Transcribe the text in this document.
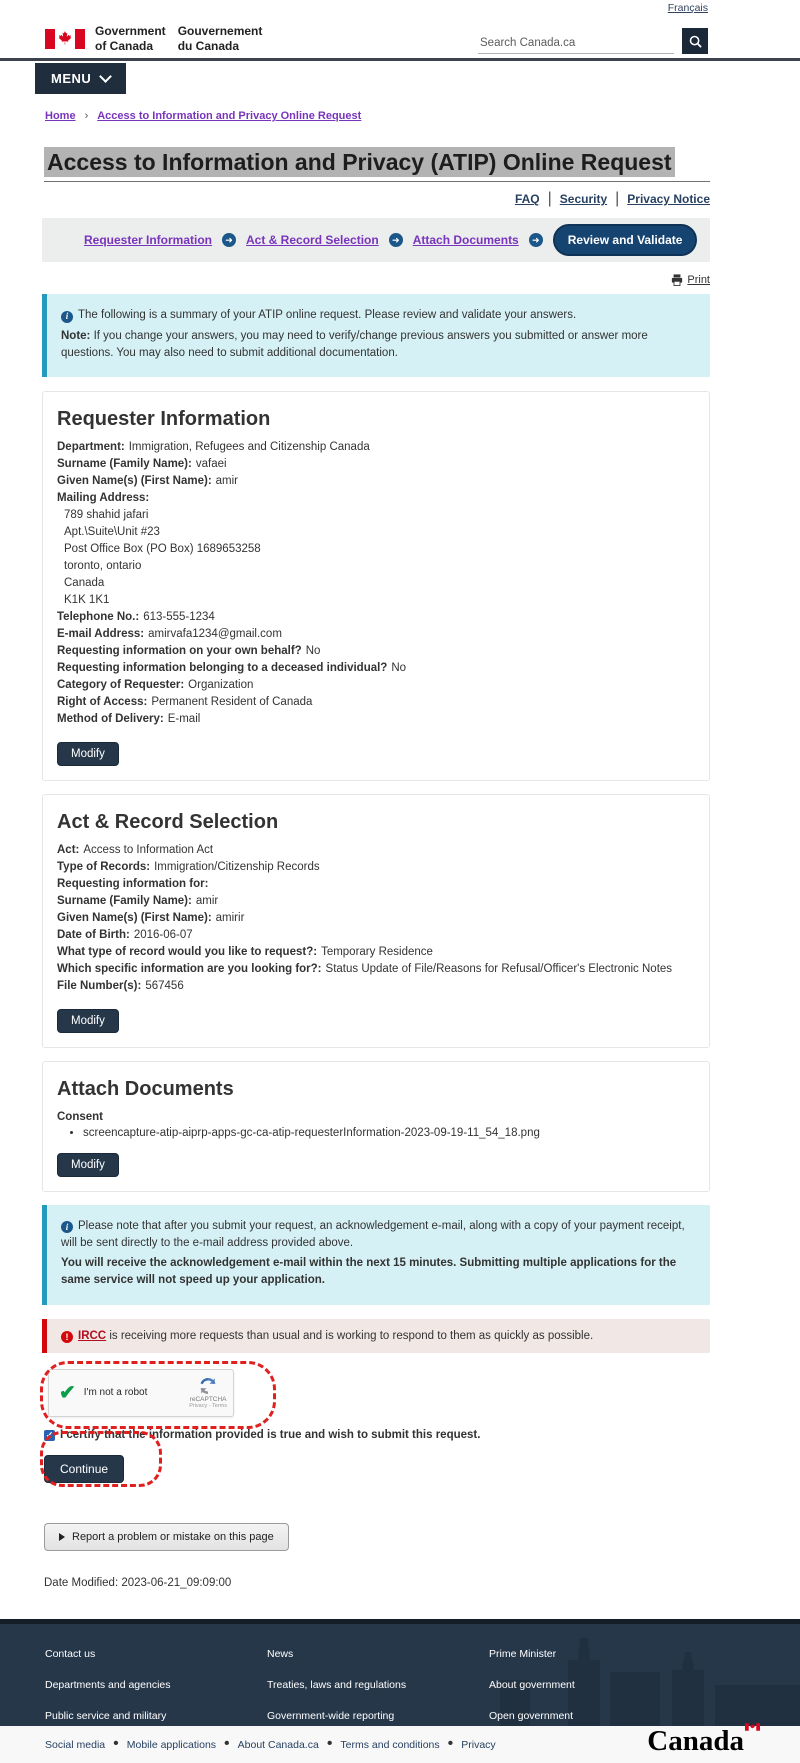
Français
Government
of Canada
Gouvernement
du Canada
Search Canada.ca
MENU
Home	› Access to Information and Privacy Online Request
Access to Information and Privacy (ATIP) Online Request
FAQ	| Security	| Privacy Notice
Requester Information	➜ Act & Record Selection	➜ Attach Documents	➜	Review and Validate
Print

i The following is a summary of your ATIP online request. Please review and validate your answers.

Note: If you change your answers, you may need to verify/change previous answers you submitted or answer more questions. You may also need to submit additional documentation.

Requester Information
Department: Immigration, Refugees and Citizenship Canada
Surname (Family Name): vafaei
Given Name(s) (First Name): amir
Mailing Address:
789 shahid jafari
Apt.\Suite\Unit #23
Post Office Box (PO Box) 1689653258
toronto, ontario
Canada
K1K 1K1
Telephone No.: 613-555-1234
E-mail Address: amirvafa1234@gmail.com
Requesting information on your own behalf? No
Requesting information belonging to a deceased individual? No
Category of Requester: Organization
Right of Access: Permanent Resident of Canada
Method of Delivery: E-mail
Modify
Act & Record Selection
Act: Access to Information Act
Type of Records: Immigration/Citizenship Records
Requesting information for:
Surname (Family Name): amir
Given Name(s) (First Name): amirir
Date of Birth: 2016-06-07
What type of record would you like to request?: Temporary Residence
Which specific information are you looking for?: Status Update of File/Reasons for Refusal/Officer's Electronic Notes
File Number(s): 567456
Modify
Attach Documents
Consent
• screencapture-atip-aiprp-apps-gc-ca-atip-requesterInformation-2023-09-19-11_54_18.png
Modify

i Please note that after you submit your request, an acknowledgement e-mail, along with a copy of your payment receipt, will be sent directly to the e-mail address provided above.

You will receive the acknowledgement e-mail within the next 15 minutes. Submitting multiple applications for the same service will not speed up your application.

! IRCC is receiving more requests than usual and is working to respond to them as quickly as possible.
✔ I'm not a robot
reCAPTCHA
Privacy - Terms
✓ I certify that the information provided is true and wish to submit this request.
Continue
Report a problem or mistake on this page
Date Modified: 2023-06-21_09:09:00
Contact us
Departments and agencies
Public service and military
News
Treaties, laws and regulations
Government-wide reporting
Prime Minister
About government
Open government
Social media	• Mobile applications	• About Canada.ca	• Terms and conditions	• Privacy	Canada
